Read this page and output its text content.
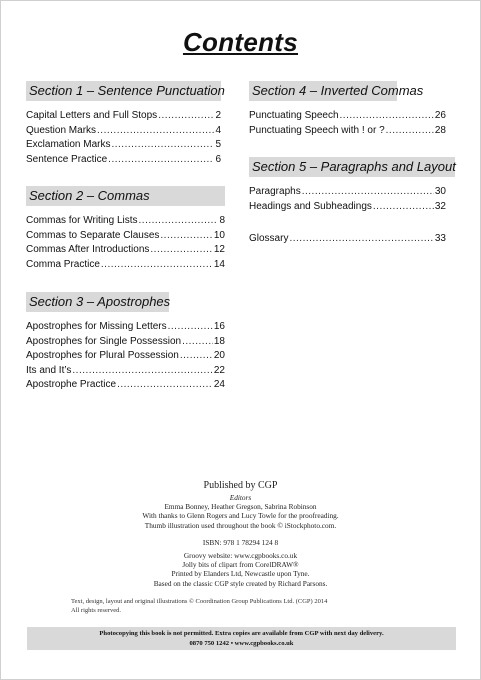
Contents
Section 1 – Sentence Punctuation
Capital Letters and Full Stops .....	2
Question Marks .....	4
Exclamation Marks .....	5
Sentence Practice .....	6
Section 2 – Commas
Commas for Writing Lists .....	8
Commas to Separate Clauses .....	10
Commas After Introductions .....	12
Comma Practice .....	14
Section 3 – Apostrophes
Apostrophes for Missing Letters .....	16
Apostrophes for Single Possession .....	18
Apostrophes for Plural Possession .....	20
Its and It’s .....	22
Apostrophe Practice .....	24
Section 4 – Inverted Commas
Punctuating Speech .....	26
Punctuating Speech with ! or ? .....	28
Section 5 – Paragraphs and Layout
Paragraphs .....	30
Headings and Subheadings .....	32
Glossary .....	33
Published by CGP
Editors
Emma Bonney, Heather Gregson, Sabrina Robinson
With thanks to Glenn Rogers and Lucy Towle for the proofreading.
Thumb illustration used throughout the book © iStockphoto.com.
ISBN: 978 1 78294 124 8
Groovy website: www.cgpbooks.co.uk
Jolly bits of clipart from CorelDRAW®
Printed by Elanders Ltd, Newcastle upon Tyne.
Based on the classic CGP style created by Richard Parsons.
Text, design, layout and original illustrations © Coordination Group Publications Ltd. (CGP) 2014
All rights reserved.
Photocopying this book is not permitted. Extra copies are available from CGP with next day delivery.
0870 750 1242 • www.cgpbooks.co.uk
